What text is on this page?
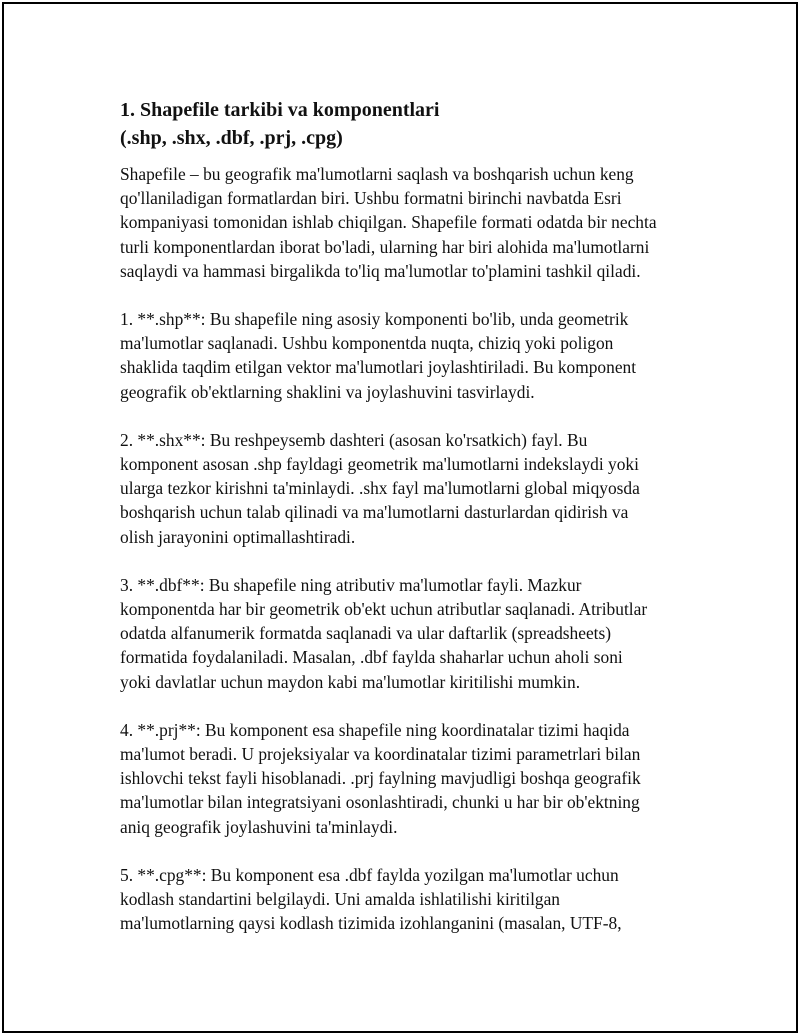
1. Shapefile tarkibi va komponentlari
(.shp, .shx, .dbf, .prj, .cpg)

Shapefile – bu geografik ma'lumotlarni saqlash va boshqarish uchun keng
qo'llaniladigan formatlardan biri. Ushbu formatni birinchi navbatda Esri
kompaniyasi tomonidan ishlab chiqilgan. Shapefile formati odatda bir nechta
turli komponentlardan iborat bo'ladi, ularning har biri alohida ma'lumotlarni
saqlaydi va hammasi birgalikda to'liq ma'lumotlar to'plamini tashkil qiladi.

1. **.shp**: Bu shapefile ning asosiy komponenti bo'lib, unda geometrik
ma'lumotlar saqlanadi. Ushbu komponentda nuqta, chiziq yoki poligon
shaklida taqdim etilgan vektor ma'lumotlari joylashtiriladi. Bu komponent
geografik ob'ektlarning shaklini va joylashuvini tasvirlaydi.

2. **.shx**: Bu reshpeysemb dashteri (asosan ko'rsatkich) fayl. Bu
komponent asosan .shp fayldagi geometrik ma'lumotlarni indekslaydi yoki
ularga tezkor kirishni ta'minlaydi. .shx fayl ma'lumotlarni global miqyosda
boshqarish uchun talab qilinadi va ma'lumotlarni dasturlardan qidirish va
olish jarayonini optimallashtiradi.

3. **.dbf**: Bu shapefile ning atributiv ma'lumotlar fayli. Mazkur
komponentda har bir geometrik ob'ekt uchun atributlar saqlanadi. Atributlar
odatda alfanumerik formatda saqlanadi va ular daftarlik (spreadsheets)
formatida foydalaniladi. Masalan, .dbf faylda shaharlar uchun aholi soni
yoki davlatlar uchun maydon kabi ma'lumotlar kiritilishi mumkin.

4. **.prj**: Bu komponent esa shapefile ning koordinatalar tizimi haqida
ma'lumot beradi. U projeksiyalar va koordinatalar tizimi parametrlari bilan
ishlovchi tekst fayli hisoblanadi. .prj faylning mavjudligi boshqa geografik
ma'lumotlar bilan integratsiyani osonlashtiradi, chunki u har bir ob'ektning
aniq geografik joylashuvini ta'minlaydi.

5. **.cpg**: Bu komponent esa .dbf faylda yozilgan ma'lumotlar uchun
kodlash standartini belgilaydi. Uni amalda ishlatilishi kiritilgan
ma'lumotlarning qaysi kodlash tizimida izohlanganini (masalan, UTF-8,
